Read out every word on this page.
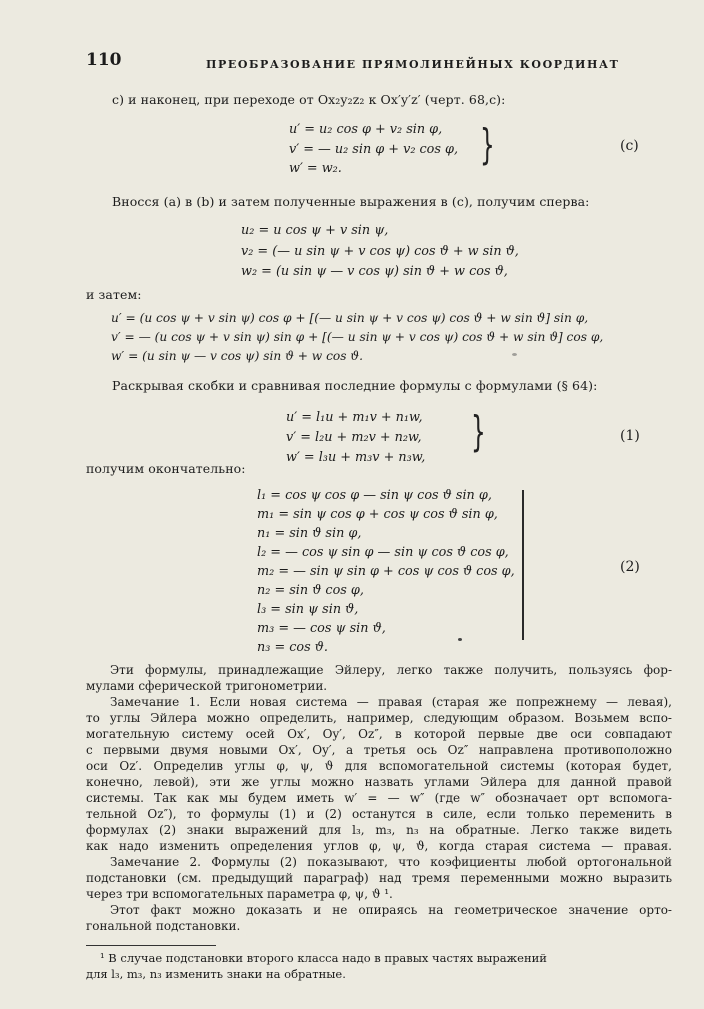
110	ПРЕОБРАЗОВАНИЕ ПРЯМОЛИНЕЙНЫХ КООРДИНАТ
с) и наконец, при переходе от Ox₂y₂z₂ к Ox′y′z′ (черт. 68,c):
u′ = u₂ cos φ + v₂ sin φ,
v′ = — u₂ sin φ + v₂ cos φ,
w′ = w₂.	}	(c)
Вносся (a) в (b) и затем полученные выражения в (c), получим сперва:
u₂ = u cos ψ + v sin ψ,
v₂ = (— u sin ψ + v cos ψ) cos ϑ + w sin ϑ,
w₂ = (u sin ψ — v cos ψ) sin ϑ + w cos ϑ,
и затем:
u′ = (u cos ψ + v sin ψ) cos φ + [(— u sin ψ + v cos ψ) cos ϑ + w sin ϑ] sin φ,
v′ = — (u cos ψ + v sin ψ) sin φ + [(— u sin ψ + v cos ψ) cos ϑ + w sin ϑ] cos φ,
w′ = (u sin ψ — v cos ψ) sin ϑ + w cos ϑ.
Раскрывая скобки и сравнивая последние формулы с формулами (§ 64):
u′ = l₁u + m₁v + n₁w,
v′ = l₂u + m₂v + n₂w,
w′ = l₃u + m₃v + n₃w,
}	(1)
получим окончательно:
l₁ = cos ψ cos φ — sin ψ cos ϑ sin φ,
m₁ = sin ψ cos φ + cos ψ cos ϑ sin φ,
n₁ = sin ϑ sin φ,
l₂ = — cos ψ sin φ — sin ψ cos ϑ cos φ,
m₂ = — sin ψ sin φ + cos ψ cos ϑ cos φ,
n₂ = sin ϑ cos φ,
l₃ = sin ψ sin ϑ,
m₃ = — cos ψ sin ϑ,
n₃ = cos ϑ.
(2)
Эти формулы, принадлежащие Эйлеру, легко также получить, пользуясь фор-
мулами сферической тригонометрии.
Замечание 1. Если новая система — правая (старая же попрежнему — левая),
то углы Эйлера можно определить, например, следующим образом. Возьмем вспо-
могательную систему осей Ox′, Oy′, Oz″, в которой первые две оси совпадают
с первыми двумя новыми Ox′, Oy′, а третья ось Oz″ направлена противоположно
оси Oz′. Определив углы φ, ψ, ϑ для вспомогательной системы (которая будет,
конечно, левой), эти же углы можно назвать углами Эйлера для данной правой
системы. Так как мы будем иметь w′ = — w″ (где w″ обозначает орт вспомога-
тельной Oz″), то формулы (1) и (2) останутся в силе, если только переменить в
формулах (2) знаки выражений для l₃, m₃, n₃ на обратные. Легко также видеть
как надо изменить определения углов φ, ψ, ϑ, когда старая система — правая.
Замечание 2. Формулы (2) показывают, что коэфициенты любой ортогональной
подстановки (см. предыдущий параграф) над тремя переменными можно выразить
через три вспомогательных параметра φ, ψ, ϑ ¹.
Этот факт можно доказать и не опираясь на геометрическое значение орто-
гональной подстановки.
¹ В случае подстановки второго класса надо в правых частях выражений
для l₃, m₃, n₃ изменить знаки на обратные.
